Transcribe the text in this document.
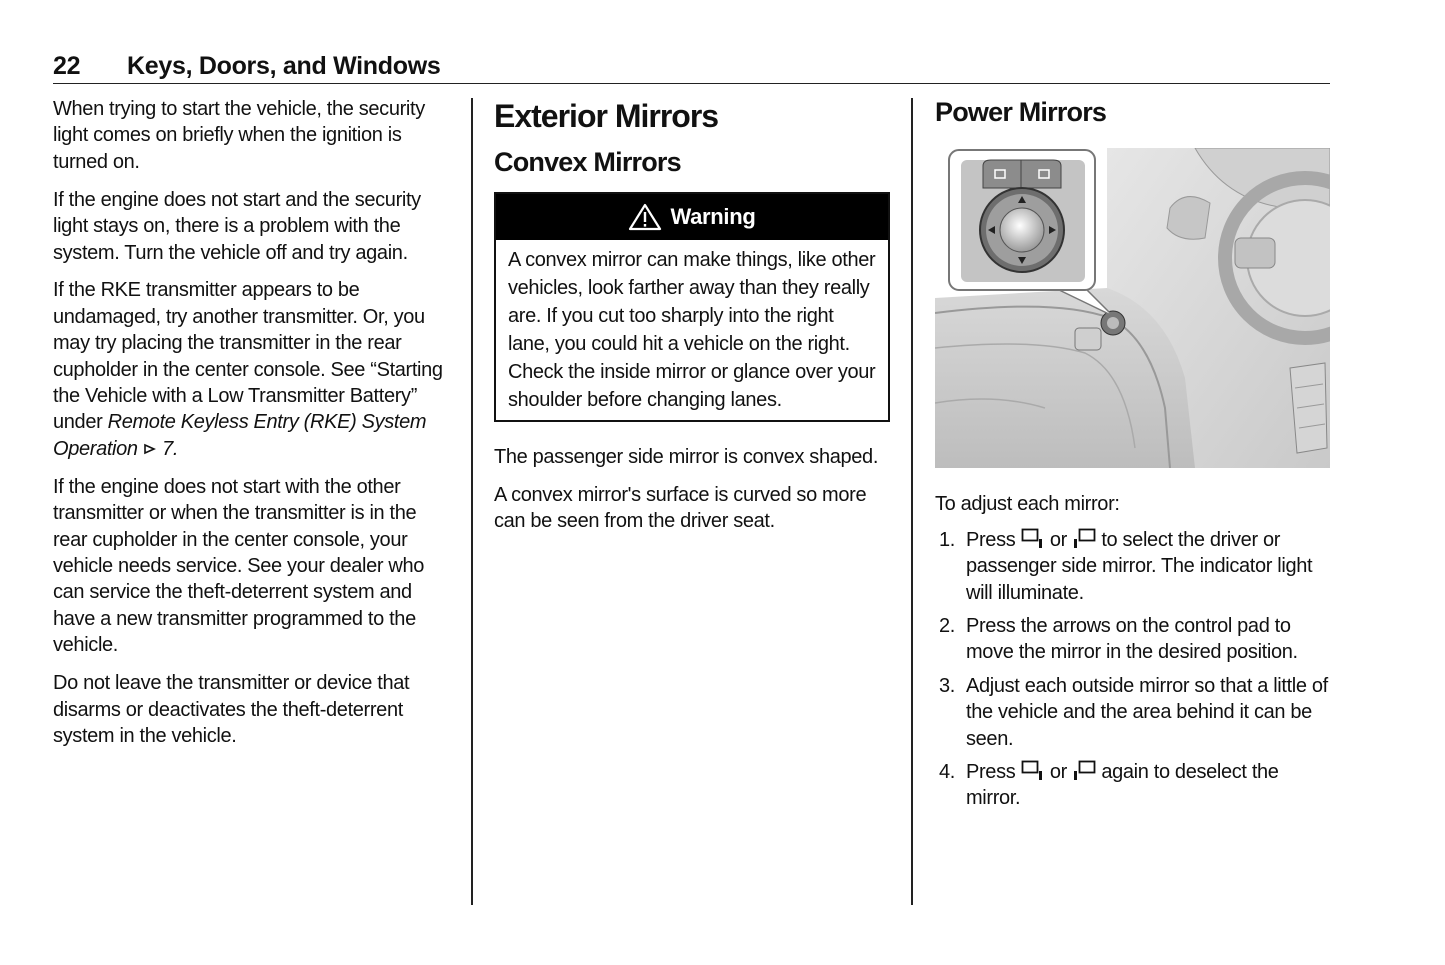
22 Keys, Doors, and Windows

When trying to start the vehicle, the security light comes on briefly when the ignition is turned on.

If the engine does not start and the security light stays on, there is a problem with the system. Turn the vehicle off and try again.

If the RKE transmitter appears to be undamaged, try another transmitter. Or, you may try placing the transmitter in the rear cupholder in the center console. See “Starting the Vehicle with a Low Transmitter Battery” under Remote Keyless Entry (RKE) System Operation 7.

If the engine does not start with the other transmitter or when the transmitter is in the rear cupholder in the center console, your vehicle needs service. See your dealer who can service the theft-deterrent system and have a new transmitter programmed to the vehicle.

Do not leave the transmitter or device that disarms or deactivates the theft-deterrent system in the vehicle.

Exterior Mirrors
Convex Mirrors
Warning
A convex mirror can make things, like other vehicles, look farther away than they really are. If you cut too sharply into the right lane, you could hit a vehicle on the right. Check the inside mirror or glance over your shoulder before changing lanes.

The passenger side mirror is convex shaped.

A convex mirror's surface is curved so more can be seen from the driver seat.

Power Mirrors

To adjust each mirror:

1. Press or to select the driver or passenger side mirror. The indicator light will illuminate.
2. Press the arrows on the control pad to move the mirror in the desired position.
3. Adjust each outside mirror so that a little of the vehicle and the area behind it can be seen.
4. Press or again to deselect the mirror.
